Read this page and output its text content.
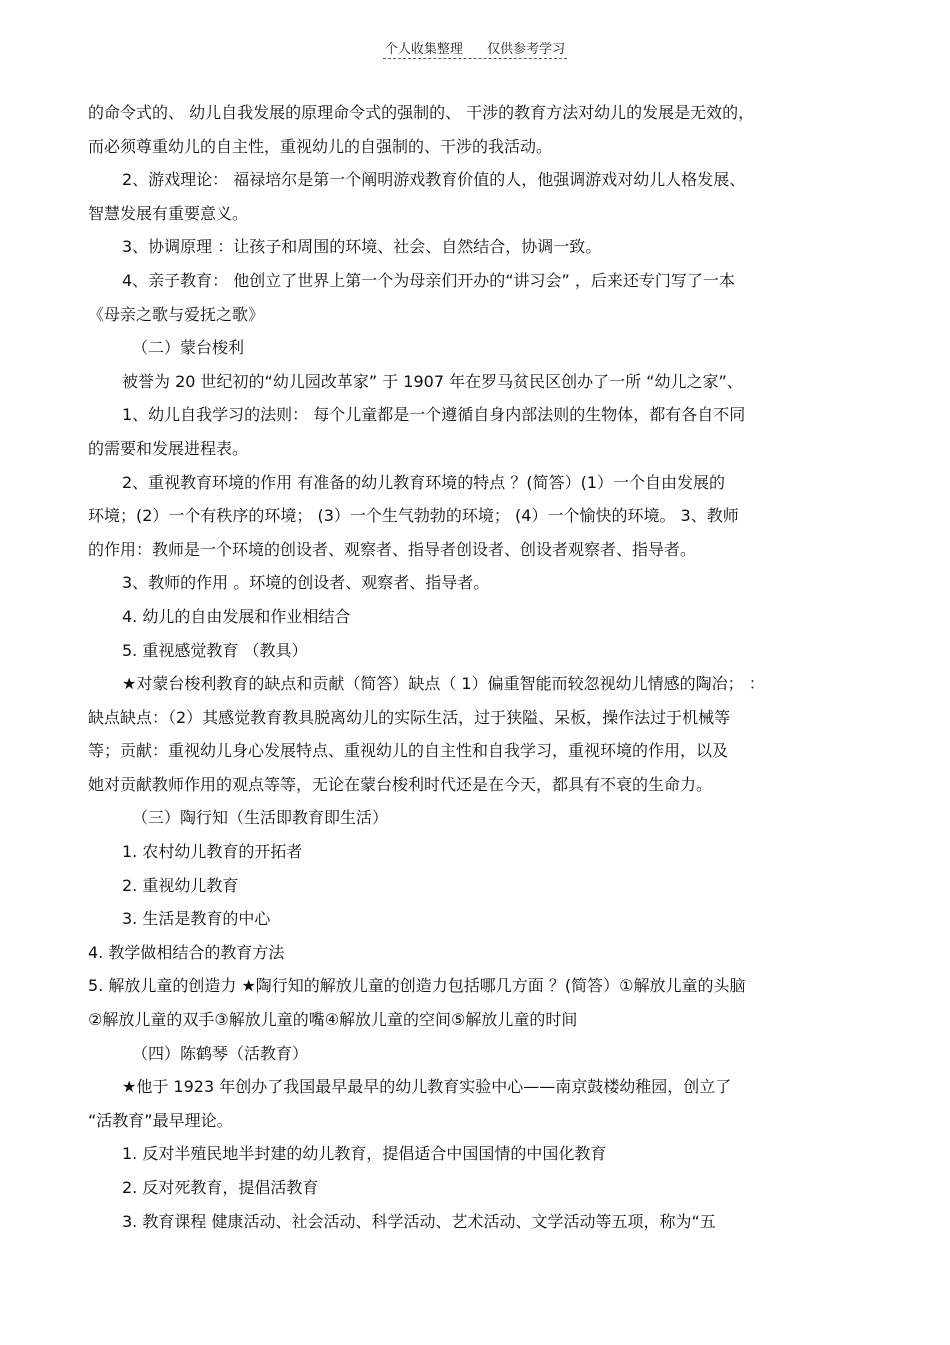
个人收集整理 仅供参考学习
的命令式的、 幼儿自我发展的原理命令式的强制的、 干涉的教育方法对幼儿的发展是无效的，
而必须尊重幼儿的自主性，重视幼儿的自强制的、干涉的我活动。
2、游戏理论： 福禄培尔是第一个阐明游戏教育价值的人，他强调游戏对幼儿人格发展、
智慧发展有重要意义。
3、协调原理 ：让孩子和周围的环境、社会、自然结合，协调一致。
4、亲子教育： 他创立了世界上第一个为母亲们开办的“讲习会” ，后来还专门写了一本
《母亲之歌与爱抚之歌》
（二）蒙台梭利
被誉为 20 世纪初的“幼儿园改革家” 于 1907 年在罗马贫民区创办了一所 “幼儿之家”、
1、幼儿自我学习的法则： 每个儿童都是一个遵循自身内部法则的生物体，都有各自不同
的需要和发展进程表。
2、重视教育环境的作用 有准备的幼儿教育环境的特点 ？(简答）(1）一个自由发展的
环境；(2）一个有秩序的环境； (3）一个生气勃勃的环境； (4）一个愉快的环境。 3、教师
的作用：教师是一个环境的创设者、观察者、指导者创设者、创设者观察者、指导者。
3、教师的作用 。环境的创设者、观察者、指导者。
4. 幼儿的自由发展和作业相结合
5. 重视感觉教育 （教具）
★对蒙台梭利教育的缺点和贡献（简答）缺点（ 1）偏重智能而较忽视幼儿情感的陶冶； ：
缺点缺点：（2）其感觉教育教具脱离幼儿的实际生活，过于狭隘、呆板，操作法过于机械等
等；贡献：重视幼儿身心发展特点、重视幼儿的自主性和自我学习，重视环境的作用，以及
她对贡献教师作用的观点等等，无论在蒙台梭利时代还是在今天，都具有不衰的生命力。
（三）陶行知（生活即教育即生活）
1. 农村幼儿教育的开拓者
2. 重视幼儿教育
3. 生活是教育的中心
4. 教学做相结合的教育方法
5. 解放儿童的创造力 ★陶行知的解放儿童的创造力包括哪几方面 ？(简答）①解放儿童的头脑
②解放儿童的双手③解放儿童的嘴④解放儿童的空间⑤解放儿童的时间
（四）陈鹤琴（活教育）
★他于 1923 年创办了我国最早最早的幼儿教育实验中心——南京鼓楼幼稚园，创立了
“活教育”最早理论。
1. 反对半殖民地半封建的幼儿教育，提倡适合中国国情的中国化教育
2. 反对死教育，提倡活教育
3. 教育课程 健康活动、社会活动、科学活动、艺术活动、文学活动等五项，称为“五
